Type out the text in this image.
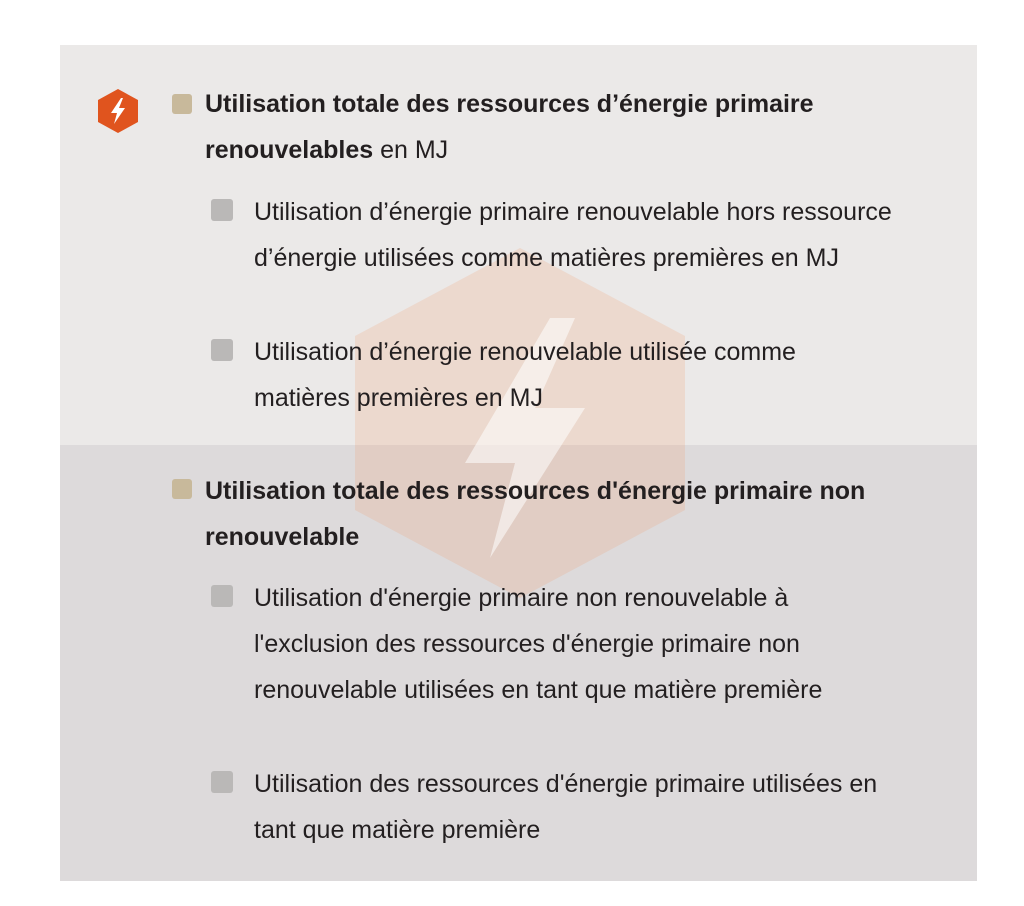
Utilisation totale des ressources d’énergie primaire renouvelables en MJ
Utilisation d’énergie primaire renouvelable hors ressource d’énergie utilisées comme matières premières en MJ
Utilisation d’énergie renouvelable utilisée comme matières premières en MJ
Utilisation totale des ressources d'énergie primaire non renouvelable
Utilisation d'énergie primaire non renouvelable à l'exclusion des ressources d'énergie primaire non renouvelable utilisées en tant que matière première
Utilisation des ressources d'énergie primaire utilisées en tant que matière première
